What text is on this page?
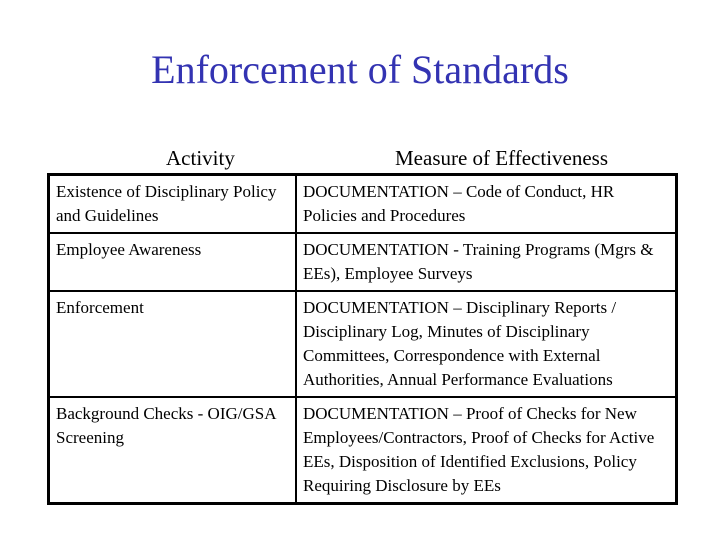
Enforcement of Standards
Activity	Measure of Effectiveness
Existence of Disciplinary Policy and Guidelines	DOCUMENTATION – Code of Conduct, HR Policies and Procedures
Employee Awareness	DOCUMENTATION - Training Programs (Mgrs & EEs), Employee Surveys
Enforcement	DOCUMENTATION – Disciplinary Reports / Disciplinary Log, Minutes of Disciplinary Committees, Correspondence with External Authorities, Annual Performance Evaluations
Background Checks - OIG/GSA Screening	DOCUMENTATION – Proof of Checks for New Employees/Contractors, Proof of Checks for Active EEs, Disposition of Identified Exclusions, Policy Requiring Disclosure by EEs
